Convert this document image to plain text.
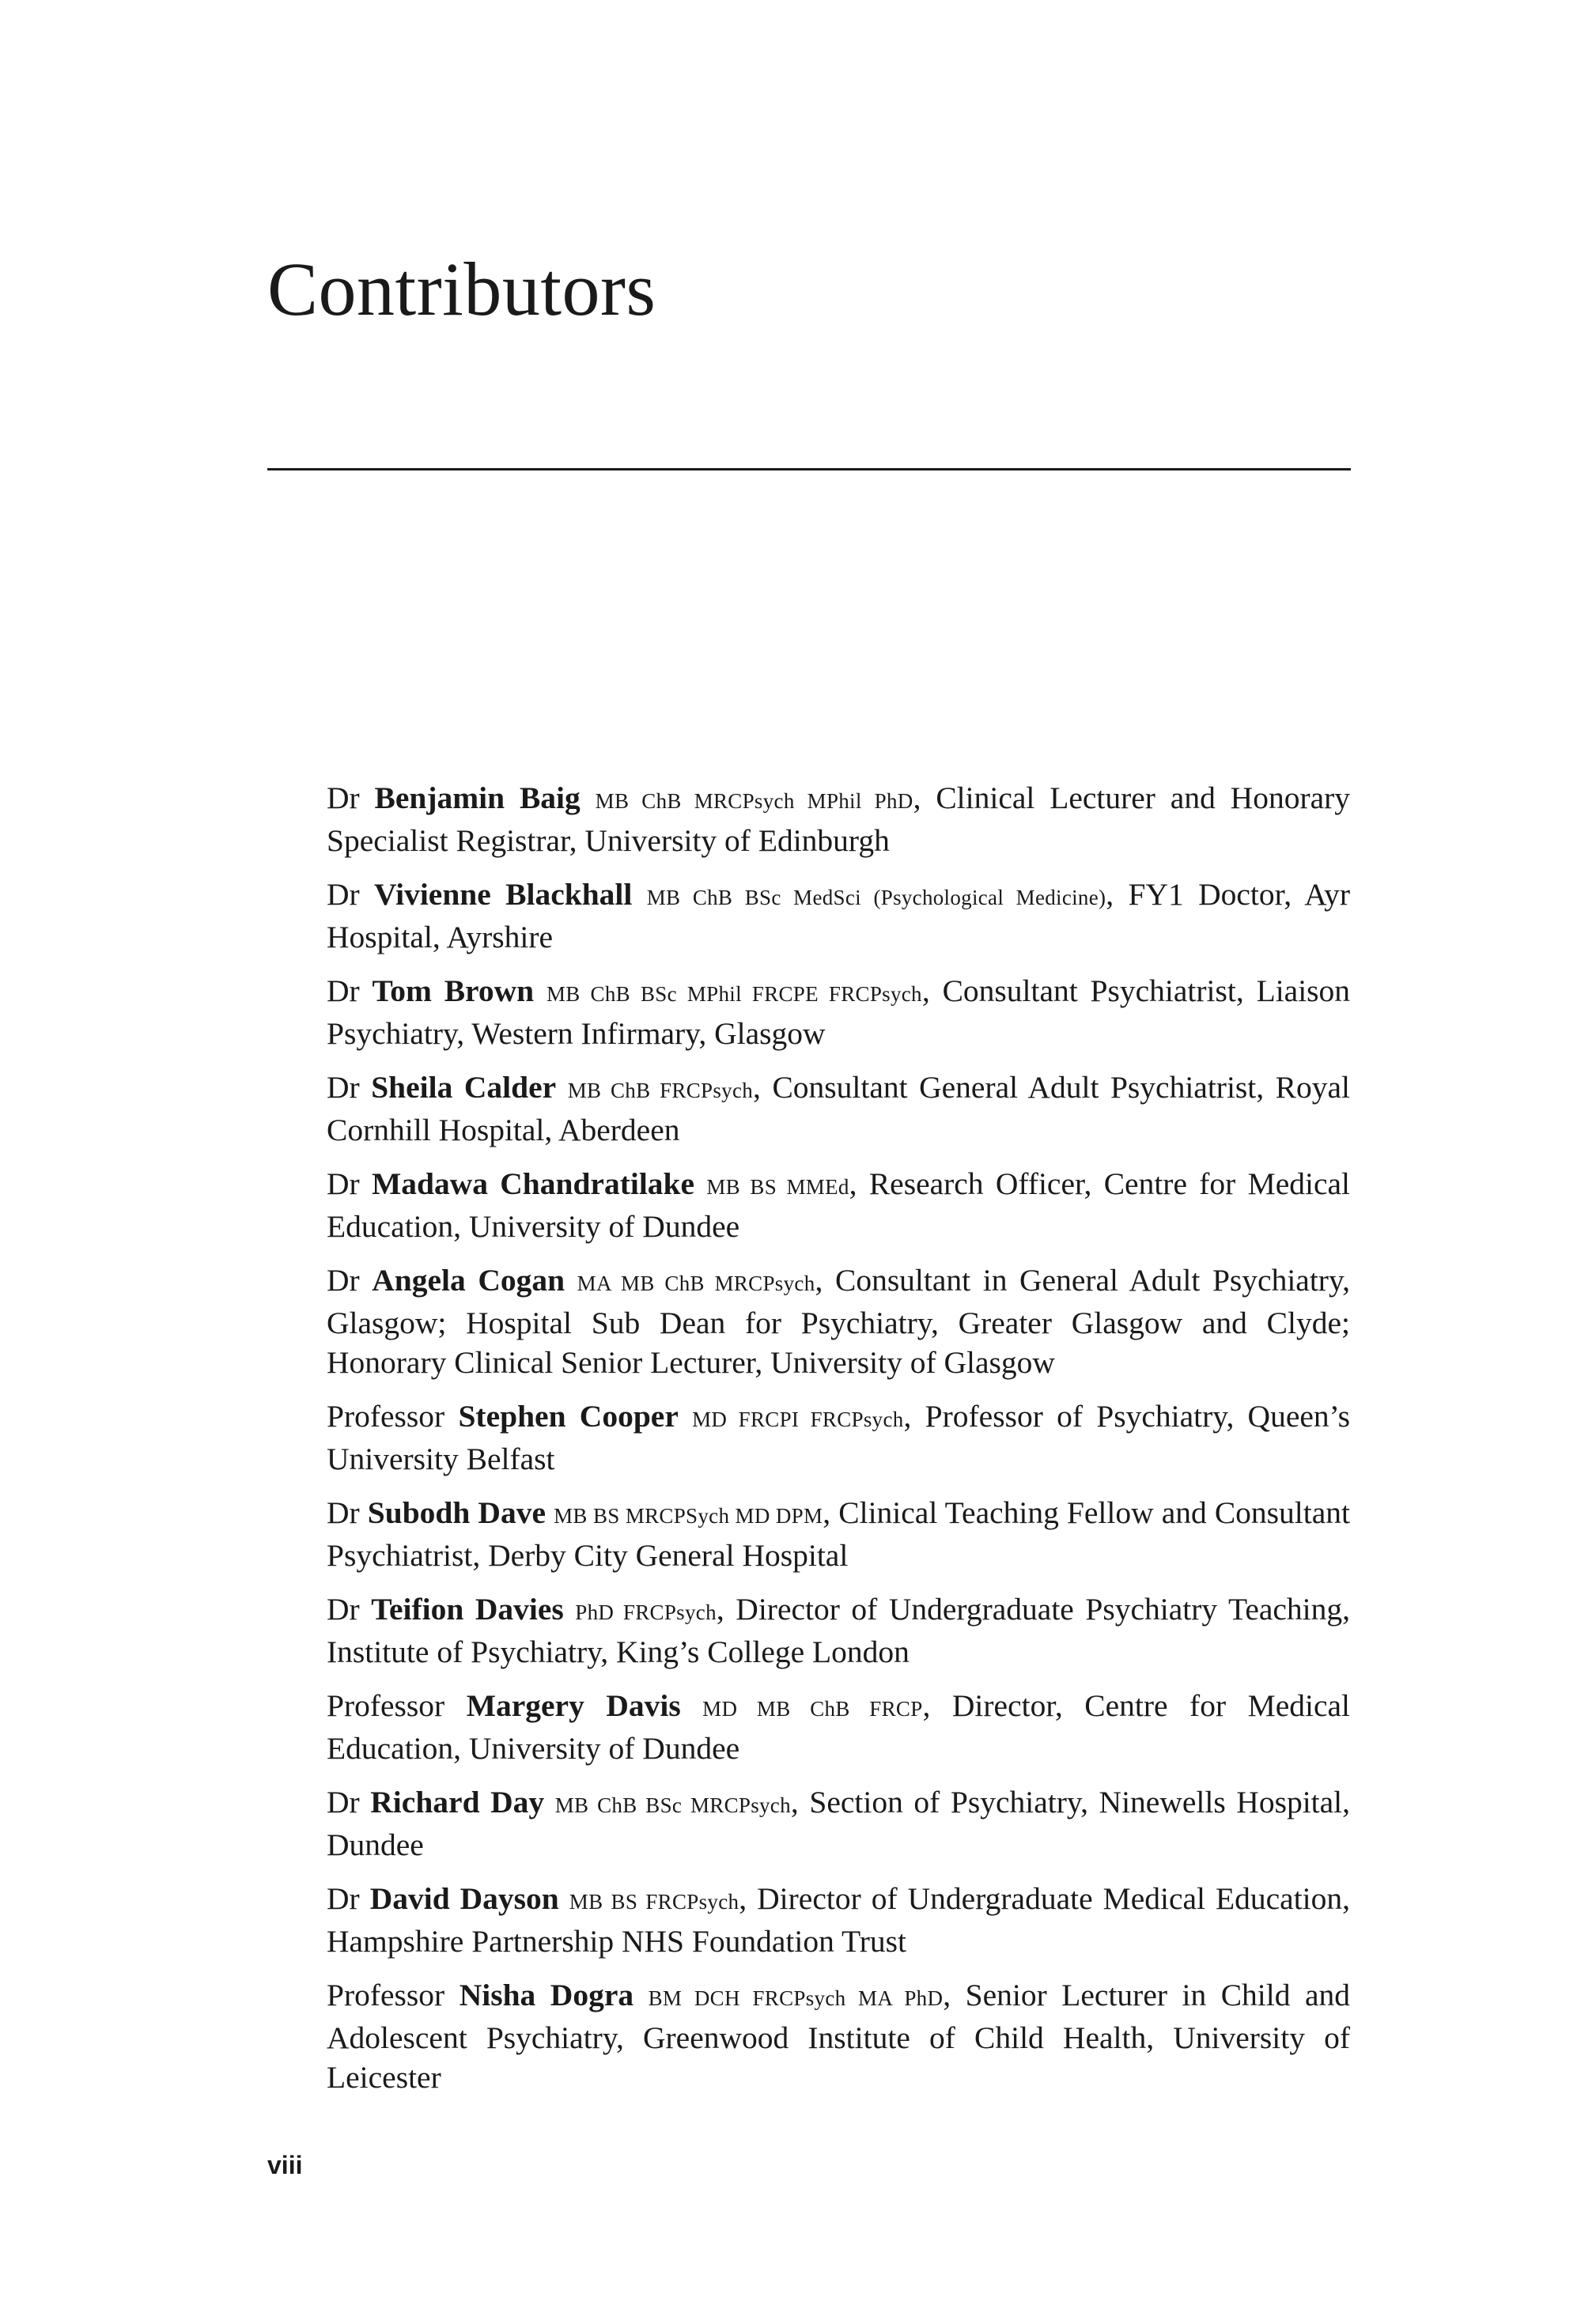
Contributors
Dr Benjamin Baig MB ChB MRCPsych MPhil PhD, Clinical Lecturer and Honorary Specialist Registrar, University of Edinburgh
Dr Vivienne Blackhall MB ChB BSc MedSci (Psychological Medicine), FY1 Doctor, Ayr Hospital, Ayrshire
Dr Tom Brown MB ChB BSc MPhil FRCPE FRCPsych, Consultant Psychiatrist, Liaison Psychiatry, Western Infirmary, Glasgow
Dr Sheila Calder MB ChB FRCPsych, Consultant General Adult Psychiatrist, Royal Cornhill Hospital, Aberdeen
Dr Madawa Chandratilake MB BS MMEd, Research Officer, Centre for Medical Education, University of Dundee
Dr Angela Cogan MA MB ChB MRCPsych, Consultant in General Adult Psychiatry, Glasgow; Hospital Sub Dean for Psychiatry, Greater Glasgow and Clyde; Honorary Clinical Senior Lecturer, University of Glasgow
Professor Stephen Cooper MD FRCPI FRCPsych, Professor of Psychiatry, Queen’s University Belfast
Dr Subodh Dave MB BS MRCPSych MD DPM, Clinical Teaching Fellow and Consultant Psychiatrist, Derby City General Hospital
Dr Teifion Davies PhD FRCPsych, Director of Undergraduate Psychiatry Teaching, Institute of Psychiatry, King’s College London
Professor Margery Davis MD MB ChB FRCP, Director, Centre for Medical Education, University of Dundee
Dr Richard Day MB ChB BSc MRCPsych, Section of Psychiatry, Ninewells Hospital, Dundee
Dr David Dayson MB BS FRCPsych, Director of Undergraduate Medical Education, Hampshire Partnership NHS Foundation Trust
Professor Nisha Dogra BM DCH FRCPsych MA PhD, Senior Lecturer in Child and Adolescent Psychiatry, Greenwood Institute of Child Health, University of Leicester
viii
